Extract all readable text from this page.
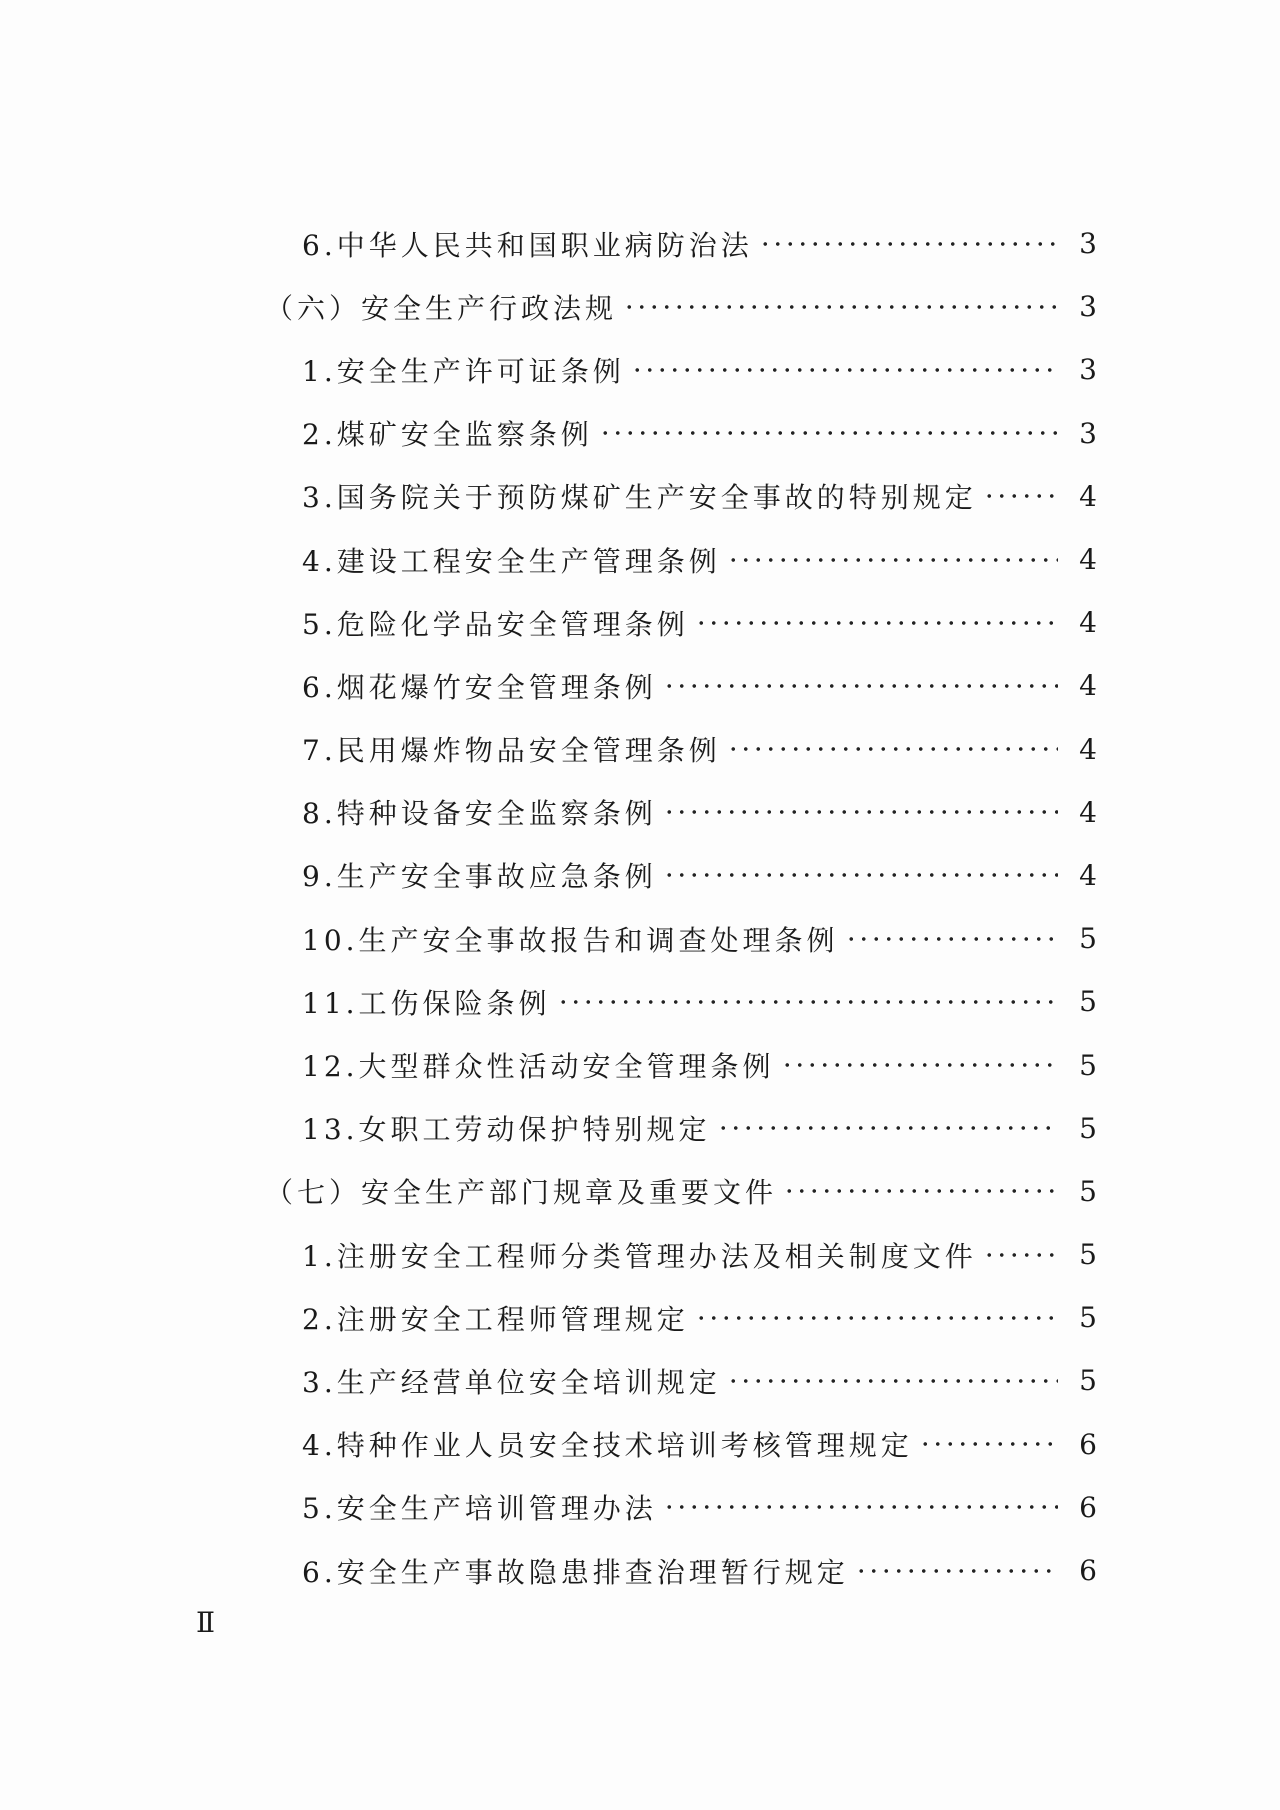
6.中华人民共和国职业病防治法	3
（六）安全生产行政法规	3
1.安全生产许可证条例	3
2.煤矿安全监察条例	3
3.国务院关于预防煤矿生产安全事故的特别规定	4
4.建设工程安全生产管理条例	4
5.危险化学品安全管理条例	4
6.烟花爆竹安全管理条例	4
7.民用爆炸物品安全管理条例	4
8.特种设备安全监察条例	4
9.生产安全事故应急条例	4
10.生产安全事故报告和调查处理条例	5
11.工伤保险条例	5
12.大型群众性活动安全管理条例	5
13.女职工劳动保护特别规定	5
（七）安全生产部门规章及重要文件	5
1.注册安全工程师分类管理办法及相关制度文件	5
2.注册安全工程师管理规定	5
3.生产经营单位安全培训规定	5
4.特种作业人员安全技术培训考核管理规定	6
5.安全生产培训管理办法	6
6.安全生产事故隐患排查治理暂行规定	6
Ⅱ
